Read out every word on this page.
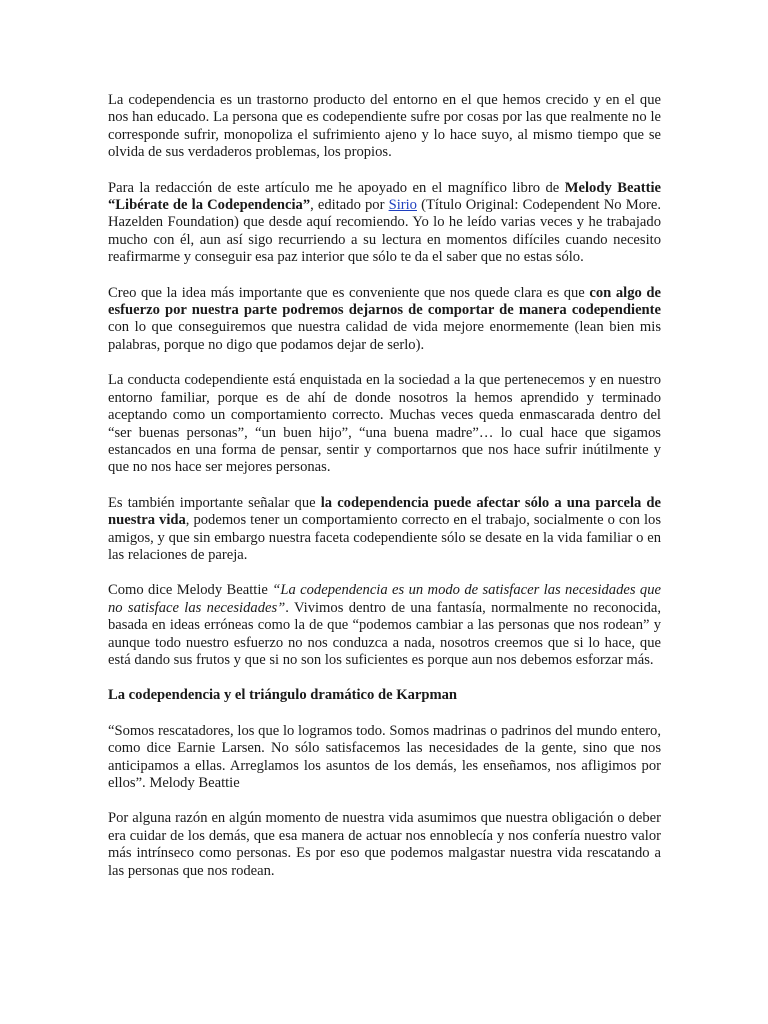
La codependencia es un trastorno producto del entorno en el que hemos crecido y en el que nos han educado. La persona que es codependiente sufre por cosas por las que realmente no le corresponde sufrir, monopoliza el sufrimiento ajeno y lo hace suyo, al mismo tiempo que se olvida de sus verdaderos problemas, los propios.

Para la redacción de este artículo me he apoyado en el magnífico libro de Melody Beattie “Libérate de la Codependencia”, editado por Sirio (Título Original: Codependent No More. Hazelden Foundation) que desde aquí recomiendo. Yo lo he leído varias veces y he trabajado mucho con él, aun así sigo recurriendo a su lectura en momentos difíciles cuando necesito reafirmarme y conseguir esa paz interior que sólo te da el saber que no estas sólo.

Creo que la idea más importante que es conveniente que nos quede clara es que con algo de esfuerzo por nuestra parte podremos dejarnos de comportar de manera codependiente con lo que conseguiremos que nuestra calidad de vida mejore enormemente (lean bien mis palabras, porque no digo que podamos dejar de serlo).

La conducta codependiente está enquistada en la sociedad a la que pertenecemos y en nuestro entorno familiar, porque es de ahí de donde nosotros la hemos aprendido y terminado aceptando como un comportamiento correcto. Muchas veces queda enmascarada dentro del “ser buenas personas”, “un buen hijo”, “una buena madre”… lo cual hace que sigamos estancados en una forma de pensar, sentir y comportarnos que nos hace sufrir inútilmente y que no nos hace ser mejores personas.

Es también importante señalar que la codependencia puede afectar sólo a una parcela de nuestra vida, podemos tener un comportamiento correcto en el trabajo, socialmente o con los amigos, y que sin embargo nuestra faceta codependiente sólo se desate en la vida familiar o en las relaciones de pareja.

Como dice Melody Beattie “La codependencia es un modo de satisfacer las necesidades que no satisface las necesidades”. Vivimos dentro de una fantasía, normalmente no reconocida, basada en ideas erróneas como la de que “podemos cambiar a las personas que nos rodean” y aunque todo nuestro esfuerzo no nos conduzca a nada, nosotros creemos que si lo hace, que está dando sus frutos y que si no son los suficientes es porque aun nos debemos esforzar más.

La codependencia y el triángulo dramático de Karpman

“Somos rescatadores, los que lo logramos todo. Somos madrinas o padrinos del mundo entero, como dice Earnie Larsen. No sólo satisfacemos las necesidades de la gente, sino que nos anticipamos a ellas. Arreglamos los asuntos de los demás, les enseñamos, nos afligimos por ellos”. Melody Beattie

Por alguna razón en algún momento de nuestra vida asumimos que nuestra obligación o deber era cuidar de los demás, que esa manera de actuar nos ennoblecía y nos confería nuestro valor más intrínseco como personas. Es por eso que podemos malgastar nuestra vida rescatando a las personas que nos rodean.
